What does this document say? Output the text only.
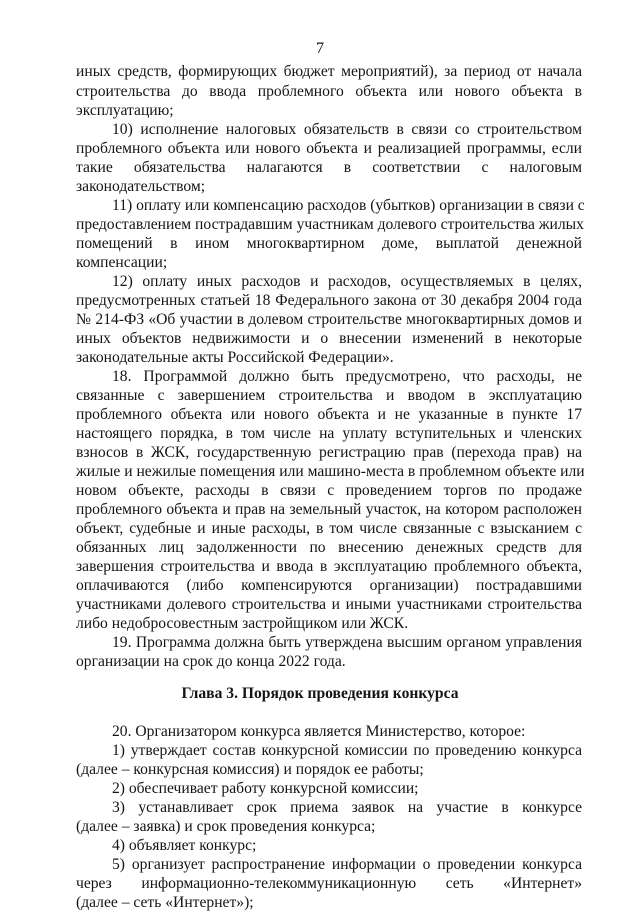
7
иных средств, формирующих бюджет мероприятий), за период от начала
строительства до ввода проблемного объекта или нового объекта в
эксплуатацию;
10) исполнение налоговых обязательств в связи со строительством
проблемного объекта или нового объекта и реализацией программы, если
такие обязательства налагаются в соответствии с налоговым
законодательством;
11) оплату или компенсацию расходов (убытков) организации в связи с
предоставлением пострадавшим участникам долевого строительства жилых
помещений в ином многоквартирном доме, выплатой денежной
компенсации;
12) оплату иных расходов и расходов, осуществляемых в целях,
предусмотренных статьей 18 Федерального закона от 30 декабря 2004 года
№ 214-ФЗ «Об участии в долевом строительстве многоквартирных домов и
иных объектов недвижимости и о внесении изменений в некоторые
законодательные акты Российской Федерации».
18. Программой должно быть предусмотрено, что расходы, не
связанные с завершением строительства и вводом в эксплуатацию
проблемного объекта или нового объекта и не указанные в пункте 17
настоящего порядка, в том числе на уплату вступительных и членских
взносов в ЖСК, государственную регистрацию прав (перехода прав) на
жилые и нежилые помещения или машино-места в проблемном объекте или
новом объекте, расходы в связи с проведением торгов по продаже
проблемного объекта и прав на земельный участок, на котором расположен
объект, судебные и иные расходы, в том числе связанные с взысканием с
обязанных лиц задолженности по внесению денежных средств для
завершения строительства и ввода в эксплуатацию проблемного объекта,
оплачиваются (либо компенсируются организации) пострадавшими
участниками долевого строительства и иными участниками строительства
либо недобросовестным застройщиком или ЖСК.
19. Программа должна быть утверждена высшим органом управления
организации на срок до конца 2022 года.
Глава 3. Порядок проведения конкурса
20. Организатором конкурса является Министерство, которое:
1) утверждает состав конкурсной комиссии по проведению конкурса
(далее – конкурсная комиссия) и порядок ее работы;
2) обеспечивает работу конкурсной комиссии;
3) устанавливает срок приема заявок на участие в конкурсе
(далее – заявка) и срок проведения конкурса;
4) объявляет конкурс;
5) организует распространение информации о проведении конкурса
через информационно-телекоммуникационную сеть «Интернет»
(далее – сеть «Интернет»);
